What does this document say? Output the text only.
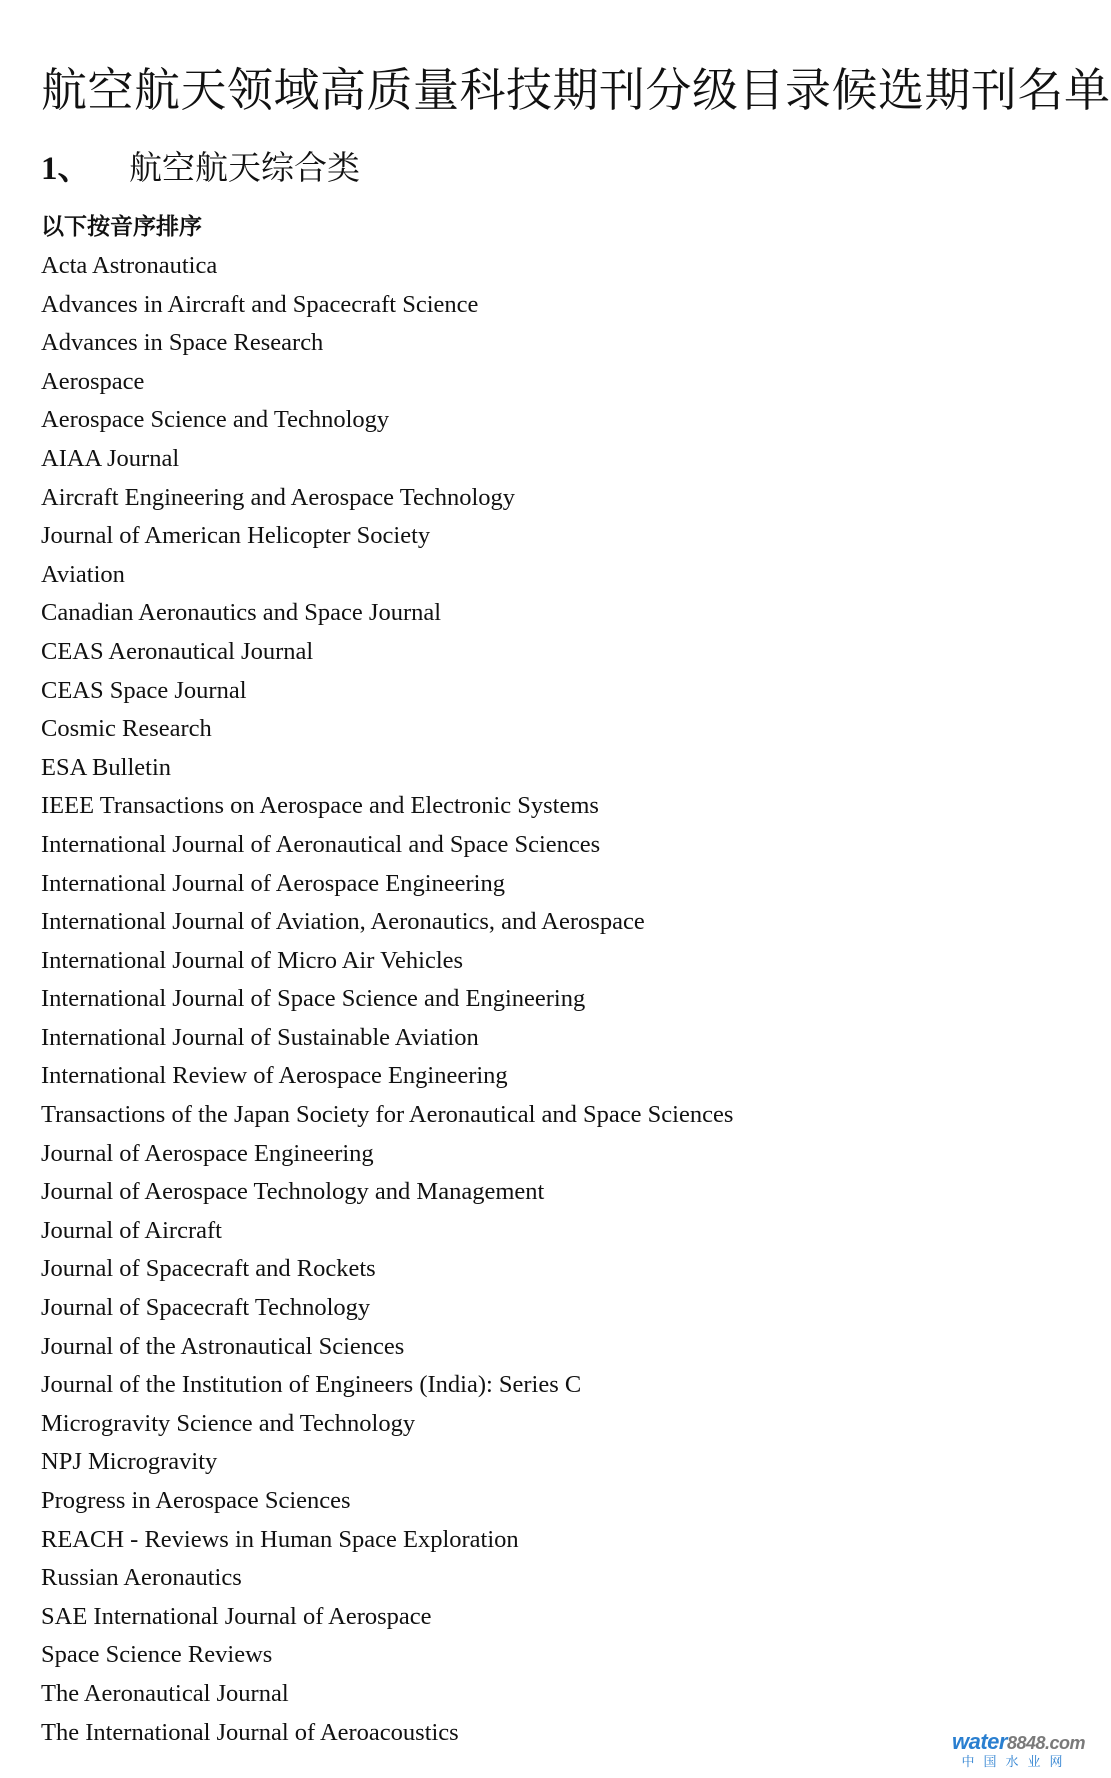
航空航天领域高质量科技期刊分级目录候选期刊名单
1、 航空航天综合类
以下按音序排序
Acta Astronautica
Advances in Aircraft and Spacecraft Science
Advances in Space Research
Aerospace
Aerospace Science and Technology
AIAA Journal
Aircraft Engineering and Aerospace Technology
Journal of American Helicopter Society
Aviation
Canadian Aeronautics and Space Journal
CEAS Aeronautical Journal
CEAS Space Journal
Cosmic Research
ESA Bulletin
IEEE Transactions on Aerospace and Electronic Systems
International Journal of Aeronautical and Space Sciences
International Journal of Aerospace Engineering
International Journal of Aviation, Aeronautics, and Aerospace
International Journal of Micro Air Vehicles
International Journal of Space Science and Engineering
International Journal of Sustainable Aviation
International Review of Aerospace Engineering
Transactions of the Japan Society for Aeronautical and Space Sciences
Journal of Aerospace Engineering
Journal of Aerospace Technology and Management
Journal of Aircraft
Journal of Spacecraft and Rockets
Journal of Spacecraft Technology
Journal of the Astronautical Sciences
Journal of the Institution of Engineers (India): Series C
Microgravity Science and Technology
NPJ Microgravity
Progress in Aerospace Sciences
REACH - Reviews in Human Space Exploration
Russian Aeronautics
SAE International Journal of Aerospace
Space Science Reviews
The Aeronautical Journal
The International Journal of Aeroacoustics	water8848.com
中国水业网
